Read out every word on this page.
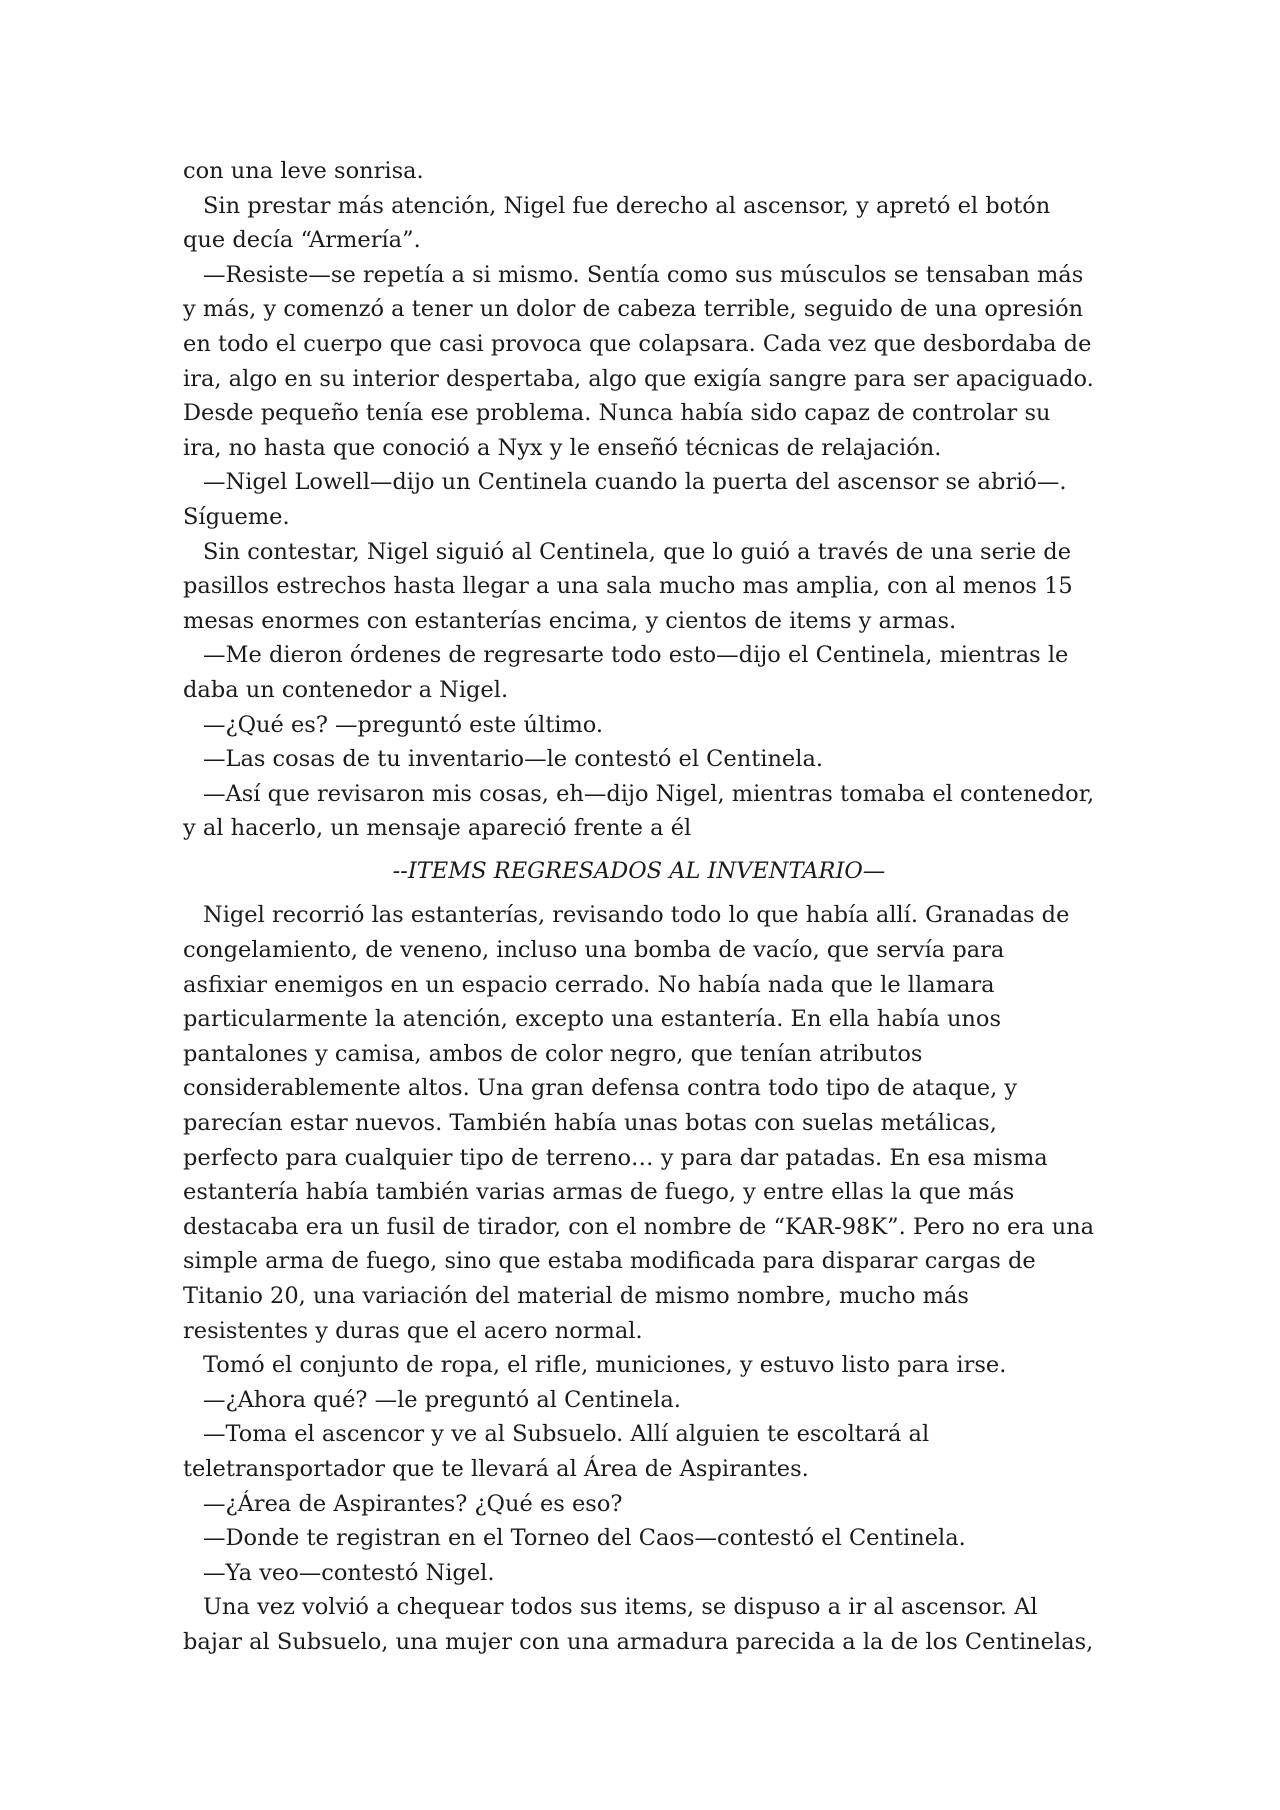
con una leve sonrisa.

Sin prestar más atención, Nigel fue derecho al ascensor, y apretó el botón que decía “Armería”.

—Resiste—se repetía a si mismo. Sentía como sus músculos se tensaban más y más, y comenzó a tener un dolor de cabeza terrible, seguido de una opresión en todo el cuerpo que casi provoca que colapsara. Cada vez que desbordaba de ira, algo en su interior despertaba, algo que exigía sangre para ser apaciguado. Desde pequeño tenía ese problema. Nunca había sido capaz de controlar su ira, no hasta que conoció a Nyx y le enseñó técnicas de relajación.

—Nigel Lowell—dijo un Centinela cuando la puerta del ascensor se abrió—. Sígueme.

Sin contestar, Nigel siguió al Centinela, que lo guió a través de una serie de pasillos estrechos hasta llegar a una sala mucho mas amplia, con al menos 15 mesas enormes con estanterías encima, y cientos de items y armas.

—Me dieron órdenes de regresarte todo esto—dijo el Centinela, mientras le daba un contenedor a Nigel.

—¿Qué es? —preguntó este último.

—Las cosas de tu inventario—le contestó el Centinela.

—Así que revisaron mis cosas, eh—dijo Nigel, mientras tomaba el contenedor, y al hacerlo, un mensaje apareció frente a él

--ITEMS REGRESADOS AL INVENTARIO—

Nigel recorrió las estanterías, revisando todo lo que había allí. Granadas de congelamiento, de veneno, incluso una bomba de vacío, que servía para asfixiar enemigos en un espacio cerrado. No había nada que le llamara particularmente la atención, excepto una estantería. En ella había unos pantalones y camisa, ambos de color negro, que tenían atributos considerablemente altos. Una gran defensa contra todo tipo de ataque, y parecían estar nuevos. También había unas botas con suelas metálicas, perfecto para cualquier tipo de terreno… y para dar patadas. En esa misma estantería había también varias armas de fuego, y entre ellas la que más destacaba era un fusil de tirador, con el nombre de “KAR-98K”. Pero no era una simple arma de fuego, sino que estaba modificada para disparar cargas de Titanio 20, una variación del material de mismo nombre, mucho más resistentes y duras que el acero normal.

Tomó el conjunto de ropa, el rifle, municiones, y estuvo listo para irse.

—¿Ahora qué? —le preguntó al Centinela.

—Toma el ascencor y ve al Subsuelo. Allí alguien te escoltará al teletransportador que te llevará al Área de Aspirantes.

—¿Área de Aspirantes? ¿Qué es eso?

—Donde te registran en el Torneo del Caos—contestó el Centinela.

—Ya veo—contestó Nigel.

Una vez volvió a chequear todos sus items, se dispuso a ir al ascensor. Al bajar al Subsuelo, una mujer con una armadura parecida a la de los Centinelas,
